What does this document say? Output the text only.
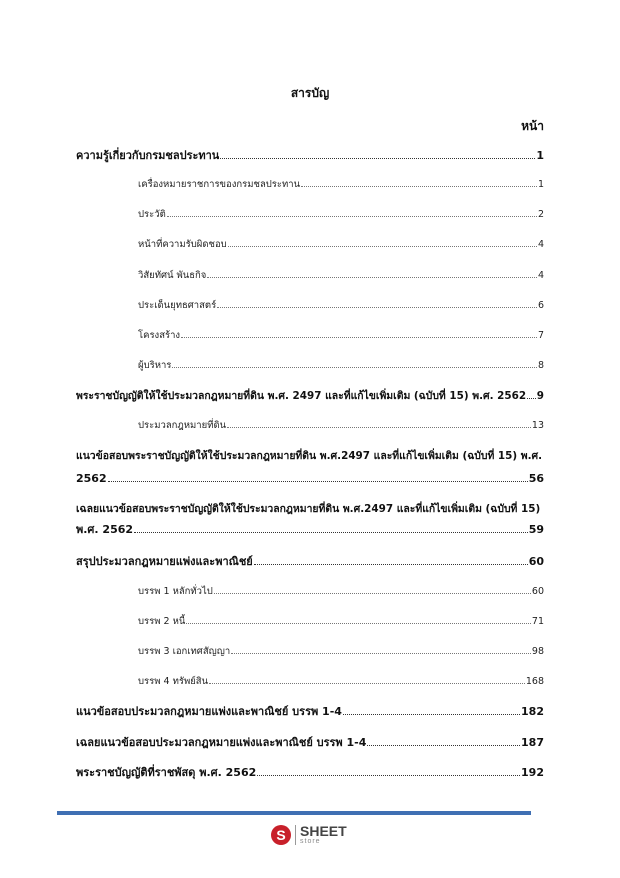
สารบัญ
หน้า
ความรู้เกี่ยวกับกรมชลประทาน	1
เครื่องหมายราชการของกรมชลประทาน	1
ประวัติ	2
หน้าที่ความรับผิดชอบ	4
วิสัยทัศน์ พันธกิจ	4
ประเด็นยุทธศาสตร์	6
โครงสร้าง	7
ผู้บริหาร	8
พระราชบัญญัติให้ใช้ประมวลกฎหมายที่ดิน พ.ศ. 2497 และที่แก้ไขเพิ่มเติม (ฉบับที่ 15) พ.ศ. 2562 9
ประมวลกฎหมายที่ดิน	13
แนวข้อสอบพระราชบัญญัติให้ใช้ประมวลกฎหมายที่ดิน พ.ศ.2497 และที่แก้ไขเพิ่มเติม (ฉบับที่ 15) พ.ศ.
2562	56
เฉลยแนวข้อสอบพระราชบัญญัติให้ใช้ประมวลกฎหมายที่ดิน พ.ศ.2497 และที่แก้ไขเพิ่มเติม (ฉบับที่ 15)
พ.ศ. 2562	59
สรุปประมวลกฎหมายแพ่งและพาณิชย์	60
บรรพ 1 หลักทั่วไป	60
บรรพ 2 หนี้	71
บรรพ 3 เอกเทศสัญญา	98
บรรพ 4 ทรัพย์สิน	168
แนวข้อสอบประมวลกฎหมายแพ่งและพาณิชย์ บรรพ 1-4	182
เฉลยแนวข้อสอบประมวลกฎหมายแพ่งและพาณิชย์ บรรพ 1-4	187
พระราชบัญญัติที่ราชพัสดุ พ.ศ. 2562	192
S	SHEET
store
